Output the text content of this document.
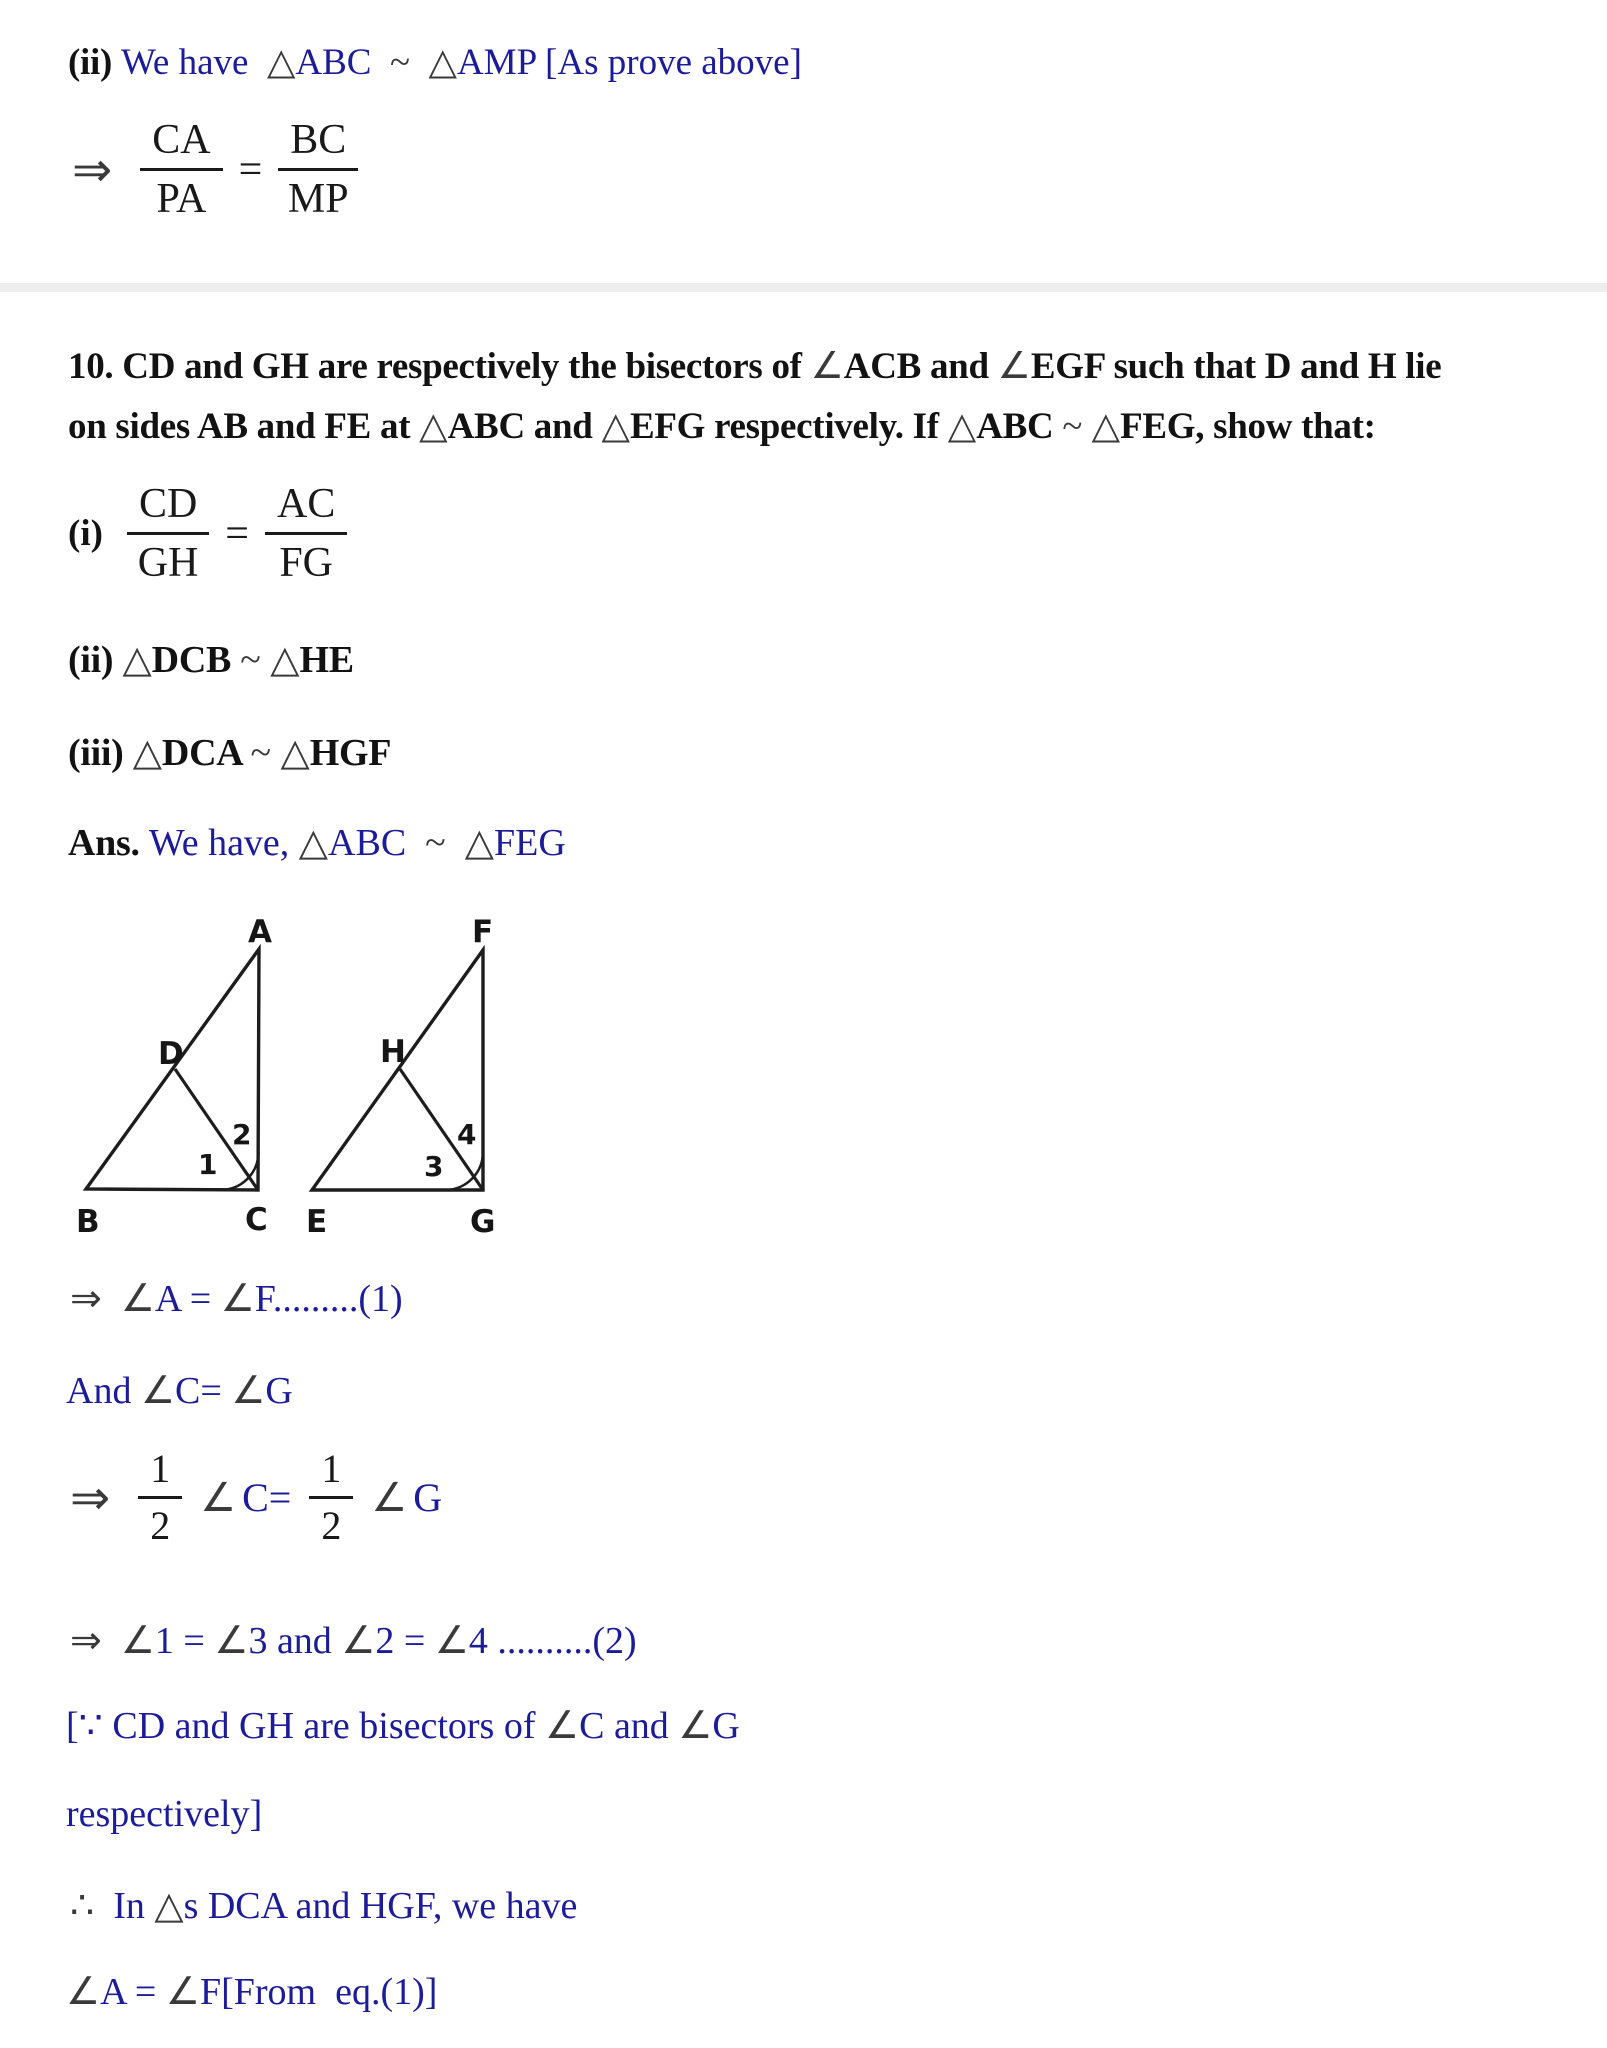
(ii) We have  △ABC  ~  △AMP [As prove above]
⇒ $\frac{CA}{PA} = \frac{BC}{MP}$
10. CD and GH are respectively the bisectors of ∠ACB and ∠EGF such that D and H lie
on sides AB and FE at △ABC and △EFG respectively. If △ABC ~ △FEG, show that:
$(i) \frac{CD}{GH} = \frac{AC}{FG}$
(ii) △DCB ~ △HE
(iii) △DCA ~ △HGF
Ans. We have, △ABC  ~  △FEG
A
D
B	C
1
2
F
H
E	G
3
4
⇒  ∠A = ∠F.........(1)
And ∠C= ∠G
⇒ $\frac{1}{2}$ ∠ $C= \frac{1}{2}$ ∠ G
⇒  ∠1 = ∠3 and ∠2 = ∠4 ..........(2)
[∵ CD and GH are bisectors of ∠C and ∠G
respectively]
∴  In △s DCA and HGF, we have
∠A = ∠F[From  eq.(1)]
